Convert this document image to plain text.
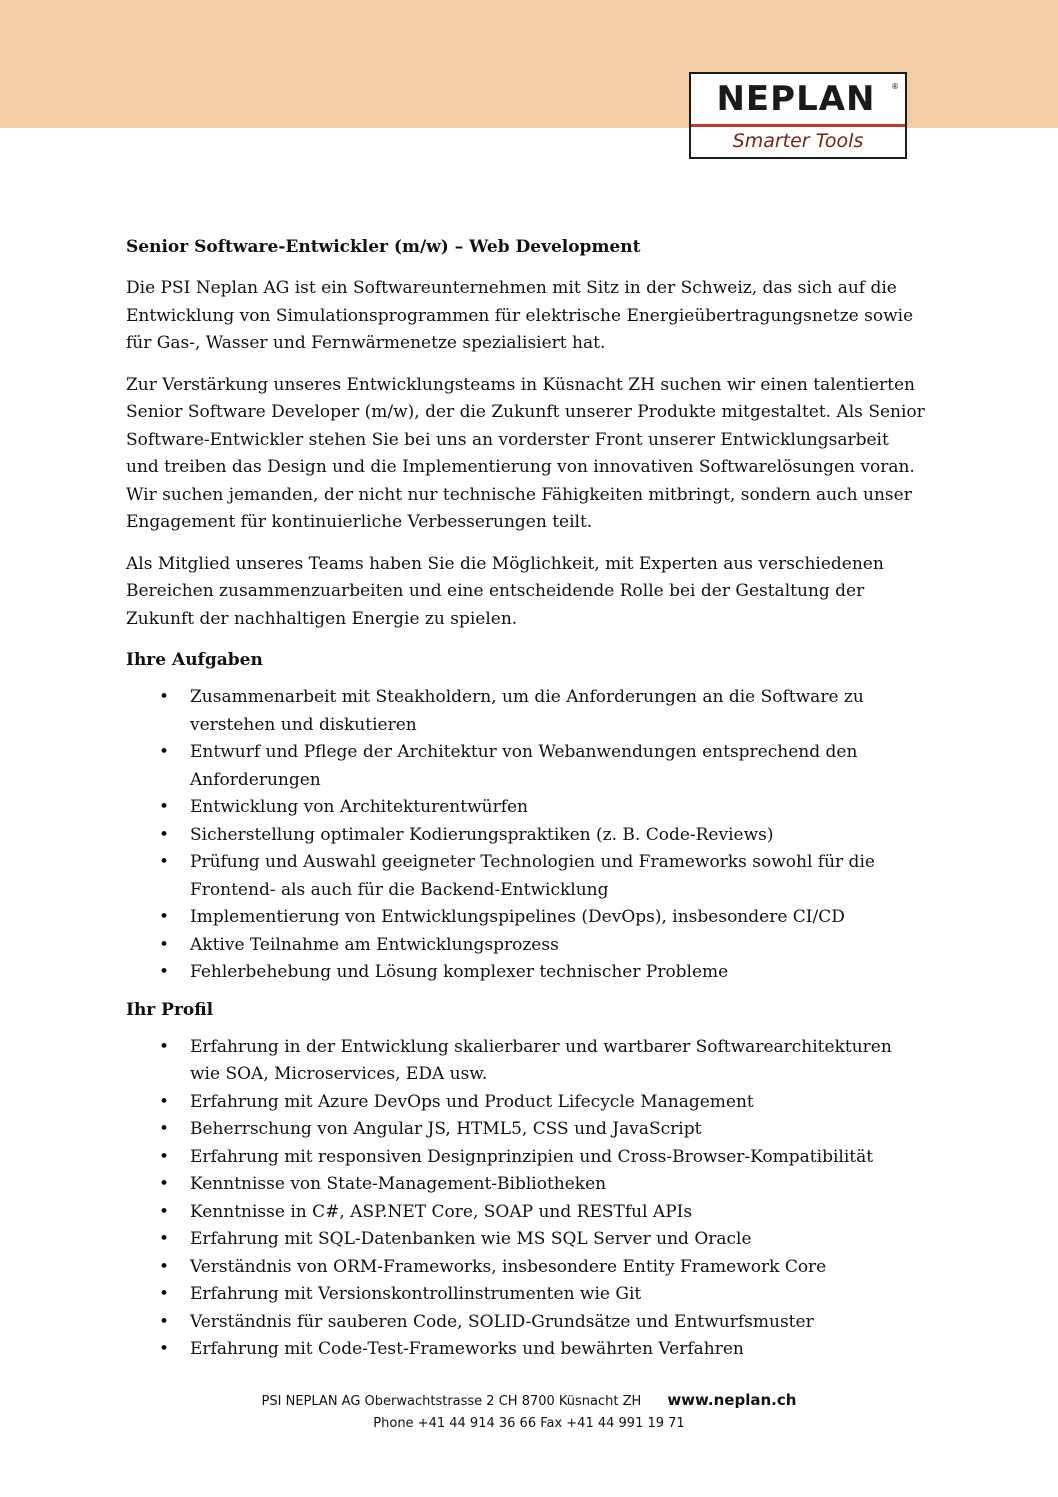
NEPLAN	®
Smarter Tools
Senior Software-Entwickler (m/w) – Web Development

Die PSI Neplan AG ist ein Softwareunternehmen mit Sitz in der Schweiz, das sich auf die Entwicklung von Simulationsprogrammen für elektrische Energieübertragungsnetze sowie für Gas-, Wasser und Fernwärmenetze spezialisiert hat.

Zur Verstärkung unseres Entwicklungsteams in Küsnacht ZH suchen wir einen talentierten Senior Software Developer (m/w), der die Zukunft unserer Produkte mitgestaltet. Als Senior Software-Entwickler stehen Sie bei uns an vorderster Front unserer Entwicklungsarbeit und treiben das Design und die Implementierung von innovativen Softwarelösungen voran. Wir suchen jemanden, der nicht nur technische Fähigkeiten mitbringt, sondern auch unser Engagement für kontinuierliche Verbesserungen teilt.

Als Mitglied unseres Teams haben Sie die Möglichkeit, mit Experten aus verschiedenen Bereichen zusammenzuarbeiten und eine entscheidende Rolle bei der Gestaltung der Zukunft der nachhaltigen Energie zu spielen.

Ihre Aufgaben
• Zusammenarbeit mit Steakholdern, um die Anforderungen an die Software zu verstehen und diskutieren
• Entwurf und Pflege der Architektur von Webanwendungen entsprechend den Anforderungen
• Entwicklung von Architekturentwürfen
• Sicherstellung optimaler Kodierungspraktiken (z. B. Code-Reviews)
• Prüfung und Auswahl geeigneter Technologien und Frameworks sowohl für die Frontend- als auch für die Backend-Entwicklung
• Implementierung von Entwicklungspipelines (DevOps), insbesondere CI/CD
• Aktive Teilnahme am Entwicklungsprozess
• Fehlerbehebung und Lösung komplexer technischer Probleme
Ihr Profil
• Erfahrung in der Entwicklung skalierbarer und wartbarer Softwarearchitekturen wie SOA, Microservices, EDA usw.
• Erfahrung mit Azure DevOps und Product Lifecycle Management
• Beherrschung von Angular JS, HTML5, CSS und JavaScript
• Erfahrung mit responsiven Designprinzipien und Cross-Browser-Kompatibilität
• Kenntnisse von State-Management-Bibliotheken
• Kenntnisse in C#, ASP.NET Core, SOAP und RESTful APIs
• Erfahrung mit SQL-Datenbanken wie MS SQL Server und Oracle
• Verständnis von ORM-Frameworks, insbesondere Entity Framework Core
• Erfahrung mit Versionskontrollinstrumenten wie Git
• Verständnis für sauberen Code, SOLID-Grundsätze und Entwurfsmuster
• Erfahrung mit Code-Test-Frameworks und bewährten Verfahren
PSI NEPLAN AG Oberwachtstrasse 2 CH 8700 Küsnacht ZH www.neplan.ch
Phone +41 44 914 36 66 Fax +41 44 991 19 71
